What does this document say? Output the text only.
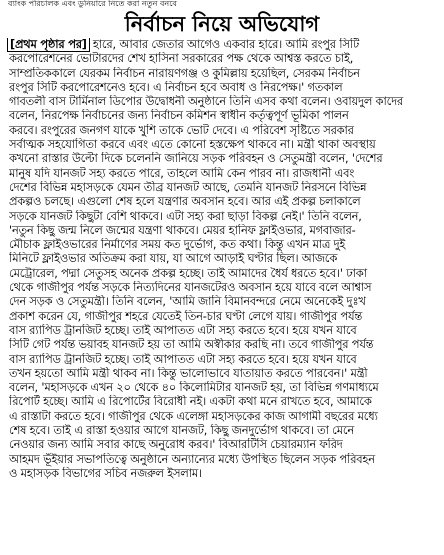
ব্যাংক পরিচালক এবং ডুনিয়ারে নিতে করা নতুন বনবে
নির্বাচন নিয়ে অভিযোগ
[প্রথম পৃষ্ঠার পর] হারে, আবার জেতার আগেও একবার হারে। আমি রংপুর সিটি
করপোরেশনের ভোটারদের শেখ হাসিনা সরকারের পক্ষ থেকে আশ্বস্ত করতে চাই,
সাম্প্রতিককালে যেরকম নির্বাচন নারায়ণগঞ্জ ও কুমিল্লায় হয়েছিল, সেরকম নির্বাচন
রংপুর সিটি করপোরেশনেও হবে। এ নির্বাচন হবে অবাধ ও নিরপেক্ষ।' গতকাল
গাবতলী বাস টার্মিনাল ডিপোর উদ্বোধনী অনুষ্ঠানে তিনি এসব কথা বলেন। ওবায়দুল কাদের
বলেন, নিরপেক্ষ নির্বাচনের জন্য নির্বাচন কমিশন স্বাধীন কর্তৃত্বপূর্ণ ভূমিকা পালন
করবে। রংপুরের জনগণ যাকে খুশি তাকে ভোট দেবে। এ পরিবেশ সৃষ্টিতে সরকার
সর্বাত্মক সহযোগিতা করবে এবং এতে কোনো হস্তক্ষেপ থাকবে না। মন্ত্রী থাকা অবস্থায়
কখনো রাস্তার উল্টো দিকে চলেননি জানিয়ে সড়ক পরিবহন ও সেতুমন্ত্রী বলেন, 'দেশের
মানুষ যদি যানজট সহ্য করতে পারে, তাহলে আমি কেন পারব না। রাজধানী এবং
দেশের বিভিন্ন মহাসড়কে যেমন তীব্র যানজট আছে, তেমনি যানজট নিরসনে বিভিন্ন
প্রকল্পও চলছে। এগুলো শেষ হলে যন্ত্রণার অবসান হবে। আর এই প্রকল্প চলাকালে
সড়কে যানজট কিছুটা বেশি থাকবে। এটা সহ্য করা ছাড়া বিকল্প নেই।' তিনি বলেন,
'নতুন কিছু জন্ম নিলে জন্মের যন্ত্রণা থাকবে। মেয়র হানিফ ফ্লাইওভার, মগবাজার-
মৌচাক ফ্লাইওভারের নির্মাণের সময় কত দুর্ভোগ, কত কথা। কিন্তু এখন মাত্র দুই
মিনিটে ফ্লাইওভার অতিক্রম করা যায়, যা আগে আড়াই ঘণ্টার ছিল। আজকে
মেট্রোরেল, পদ্মা সেতুসহ অনেক প্রকল্প হচ্ছে। তাই আমাদের ধৈর্য ধরতে হবে।' ঢাকা
থেকে গাজীপুর পর্যন্ত সড়কে নিত্যদিনের যানজটেরও অবসান হয়ে যাবে বলে আশ্বাস
দেন সড়ক ও সেতুমন্ত্রী। তিনি বলেন, 'আমি জানি বিমানবন্দরে নেমে অনেকেই দুঃখ
প্রকাশ করেন যে, গাজীপুর শহরে যেতেই তিন-চার ঘণ্টা লেগে যায়। গাজীপুর পর্যন্ত
বাস র‍্যাপিড ট্রানজিট হচ্ছে। তাই আপাতত এটা সহ্য করতে হবে। হয়ে যখন যাবে
সিটি গেট পর্যন্ত ভয়াবহ যানজট হয় তা আমি অস্বীকার করছি না। তবে গাজীপুর পর্যন্ত
বাস র‍্যাপিড ট্রানজিট হচ্ছে। তাই আপাতত এটা সহ্য করতে হবে। হয়ে যখন যাবে
তখন হয়তো আমি মন্ত্রী থাকব না। কিন্তু ভালোভাবে যাতায়াত করতে পারবেন।' মন্ত্রী
বলেন, 'মহাসড়কে এখন ২০ থেকে ৪০ কিলোমিটার যানজট হয়, তা বিভিন্ন গণমাধ্যমে
রিপোর্ট হচ্ছে। আমি এ রিপোর্টের বিরোধী নই। একটা কথা মনে রাখতে হবে, আমাকে
এ রাস্তাটা করতে হবে। গাজীপুর থেকে এলেঙ্গা মহাসড়কের কাজ আগামী বছরের মধ্যে
শেষ হবে। তাই এ রাস্তা হওয়ার আগে যানজট, কিছু জনদুর্ভোগ থাকবে। তা মেনে
নেওয়ার জন্য আমি সবার কাছে অনুরোধ করব।' বিআরটিসি চেয়ারম্যান ফরিদ
আহমদ ভূঁইয়ার সভাপতিত্বে অনুষ্ঠানে অন্যান্যের মধ্যে উপস্থিত ছিলেন সড়ক পরিবহন
ও মহাসড়ক বিভাগের সচিব নজরুল ইসলাম।
